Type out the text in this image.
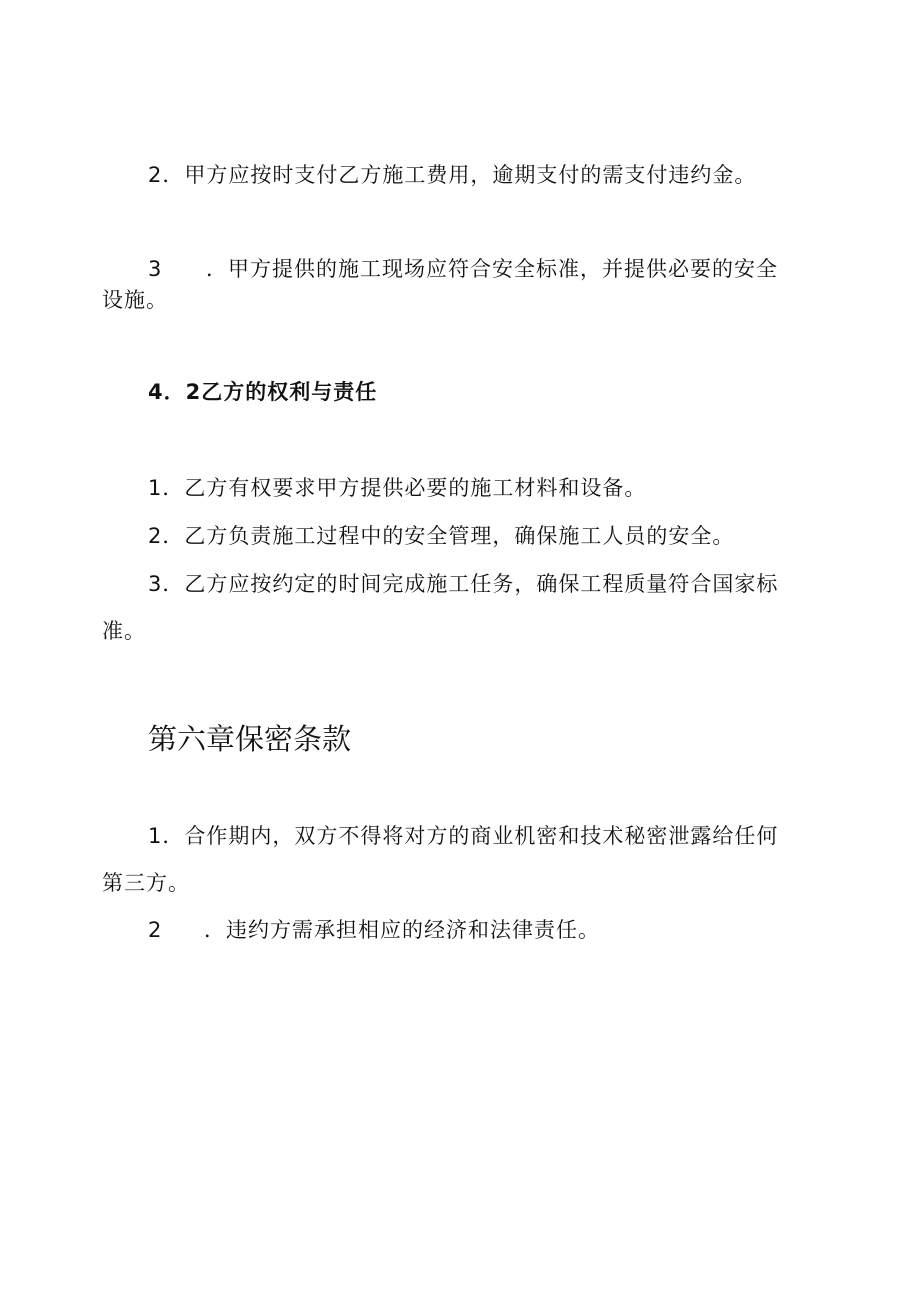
2．甲方应按时支付乙方施工费用，逾期支付的需支付违约金。
3 ．甲方提供的施工现场应符合安全标准，并提供必要的安全
设施。
4．2乙方的权利与责任
1．乙方有权要求甲方提供必要的施工材料和设备。
2．乙方负责施工过程中的安全管理，确保施工人员的安全。
3．乙方应按约定的时间完成施工任务，确保工程质量符合国家标
准。
第六章保密条款
1．合作期内，双方不得将对方的商业机密和技术秘密泄露给任何
第三方。
2 ．违约方需承担相应的经济和法律责任。
